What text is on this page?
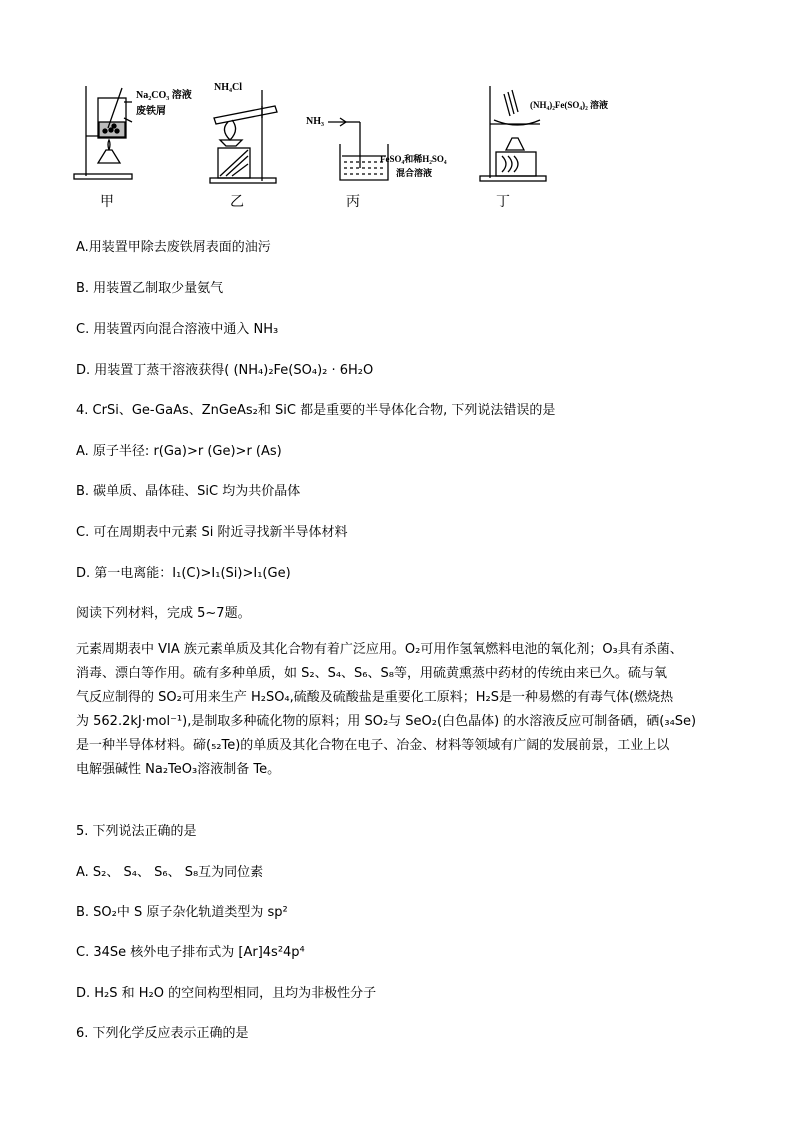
Na₂CO₃ 溶液
废铁屑
NH₄Cl
NH₃
FeSO₄和稀H₂SO₄
混合溶液
(NH₄)₂Fe(SO₄)₂ 溶液
甲	乙	丙	丁
A.用装置甲除去废铁屑表面的油污
B. 用装置乙制取少量氨气
C. 用装置丙向混合溶液中通入 NH₃
D. 用装置丁蒸干溶液获得( (NH₄)₂Fe(SO₄)₂ · 6H₂O
4. CrSi、Ge-GaAs、ZnGeAs₂和 SiC 都是重要的半导体化合物, 下列说法错误的是
A. 原子半径: r(Ga)>r (Ge)>r (As)
B. 碳单质、晶体硅、SiC 均为共价晶体
C. 可在周期表中元素 Si 附近寻找新半导体材料
D. 第一电离能：I₁(C)>I₁(Si)>I₁(Ge)
阅读下列材料，完成 5~7题。

元素周期表中 VIA 族元素单质及其化合物有着广泛应用。O₂可用作氢氧燃料电池的氧化剂；O₃具有杀菌、

消毒、漂白等作用。硫有多种单质，如 S₂、S₄、S₆、S₈等，用硫黄熏蒸中药材的传统由来已久。硫与氧

气反应制得的 SO₂可用来生产 H₂SO₄,硫酸及硫酸盐是重要化工原料；H₂S是一种易燃的有毒气体(燃烧热

为 562.2kJ·mol⁻¹),是制取多种硫化物的原料；用 SO₂与 SeO₂(白色晶体) 的水溶液反应可制备硒，硒(₃₄Se)

是一种半导体材料。碲(₅₂Te)的单质及其化合物在电子、冶金、材料等领域有广阔的发展前景，工业上以

电解强碱性 Na₂TeO₃溶液制备 Te。

5. 下列说法正确的是
A. S₂、 S₄、 S₆、 S₈互为同位素
B. SO₂中 S 原子杂化轨道类型为 sp²
C. 34Se 核外电子排布式为 [Ar]4s²4p⁴
D. H₂S 和 H₂O 的空间构型相同，且均为非极性分子
6. 下列化学反应表示正确的是
